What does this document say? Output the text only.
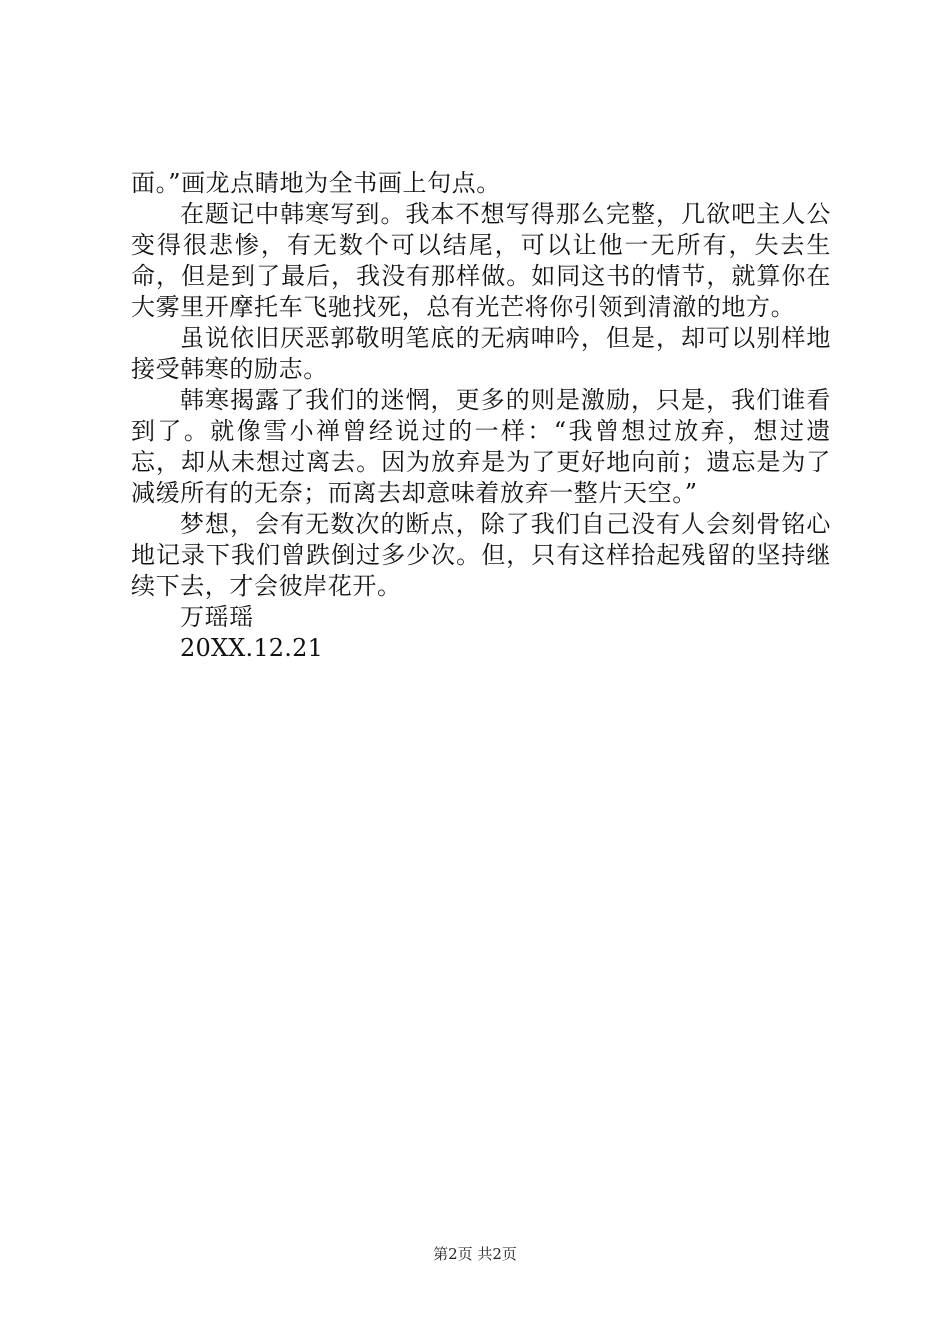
面。”画龙点睛地为全书画上句点。

在题记中韩寒写到。我本不想写得那么完整，几欲吧主人公变得很悲惨，有无数个可以结尾，可以让他一无所有，失去生命，但是到了最后，我没有那样做。如同这书的情节，就算你在大雾里开摩托车飞驰找死，总有光芒将你引领到清澈的地方。

虽说依旧厌恶郭敬明笔底的无病呻吟，但是，却可以别样地接受韩寒的励志。

韩寒揭露了我们的迷惘，更多的则是激励，只是，我们谁看到了。就像雪小禅曾经说过的一样：“我曾想过放弃，想过遗忘，却从未想过离去。因为放弃是为了更好地向前；遗忘是为了减缓所有的无奈；而离去却意味着放弃一整片天空。”

梦想，会有无数次的断点，除了我们自己没有人会刻骨铭心地记录下我们曾跌倒过多少次。但，只有这样拾起残留的坚持继续下去，才会彼岸花开。

万瑶瑶

20XX.12.21

第2页 共2页
